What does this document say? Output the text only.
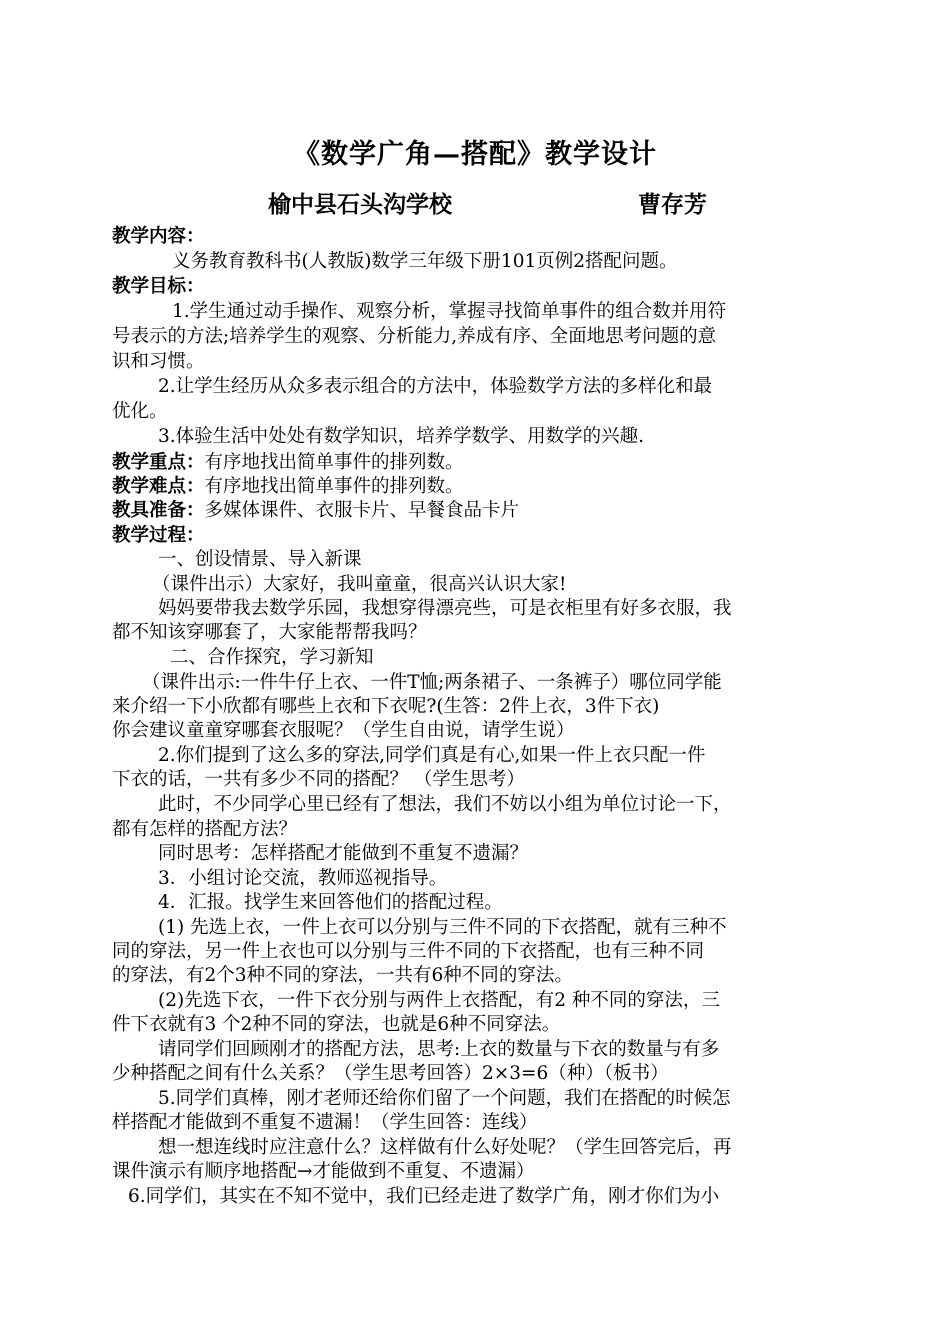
《数学广角—搭配》教学设计
榆中县石头沟学校	曹存芳
教学内容：
义务教育教科书(人教版)数学三年级下册101页例2搭配问题。
教学目标：
1.学生通过动手操作、观察分析，掌握寻找简单事件的组合数并用符
号表示的方法;培养学生的观察、分析能力,养成有序、全面地思考问题的意
识和习惯。
2.让学生经历从众多表示组合的方法中，体验数学方法的多样化和最
优化。
3.体验生活中处处有数学知识，培养学数学、用数学的兴趣.
教学重点：有序地找出简单事件的排列数。
教学难点：有序地找出简单事件的排列数。
教具准备：多媒体课件、衣服卡片、早餐食品卡片
教学过程：
一、创设情景、导入新课
（课件出示）大家好，我叫童童，很高兴认识大家!
妈妈要带我去数学乐园，我想穿得漂亮些，可是衣柜里有好多衣服，我
都不知该穿哪套了，大家能帮帮我吗？
二、合作探究，学习新知
（课件出示:一件牛仔上衣、一件T恤;两条裙子、一条裤子）哪位同学能
来介绍一下小欣都有哪些上衣和下衣呢?(生答：2件上衣，3件下衣)
你会建议童童穿哪套衣服呢？（学生自由说，请学生说）
2.你们提到了这么多的穿法,同学们真是有心,如果一件上衣只配一件
下衣的话，一共有多少不同的搭配？ （学生思考）
此时，不少同学心里已经有了想法，我们不妨以小组为单位讨论一下，
都有怎样的搭配方法？
同时思考：怎样搭配才能做到不重复不遗漏？
3．小组讨论交流，教师巡视指导。
4．汇报。找学生来回答他们的搭配过程。
(1) 先选上衣，一件上衣可以分别与三件不同的下衣搭配，就有三种不
同的穿法，另一件上衣也可以分别与三件不同的下衣搭配，也有三种不同
的穿法，有2个3种不同的穿法，一共有6种不同的穿法。
(2)先选下衣，一件下衣分别与两件上衣搭配，有2 种不同的穿法，三
件下衣就有3 个2种不同的穿法，也就是6种不同穿法。
请同学们回顾刚才的搭配方法，思考:上衣的数量与下衣的数量与有多
少种搭配之间有什么关系？（学生思考回答）2×3=6（种）（板书）
5.同学们真棒，刚才老师还给你们留了一个问题，我们在搭配的时候怎
样搭配才能做到不重复不遗漏！（学生回答：连线）
想一想连线时应注意什么？这样做有什么好处呢？（学生回答完后，再
课件演示有顺序地搭配→才能做到不重复、不遗漏）
6.同学们，其实在不知不觉中，我们已经走进了数学广角，刚才你们为小
